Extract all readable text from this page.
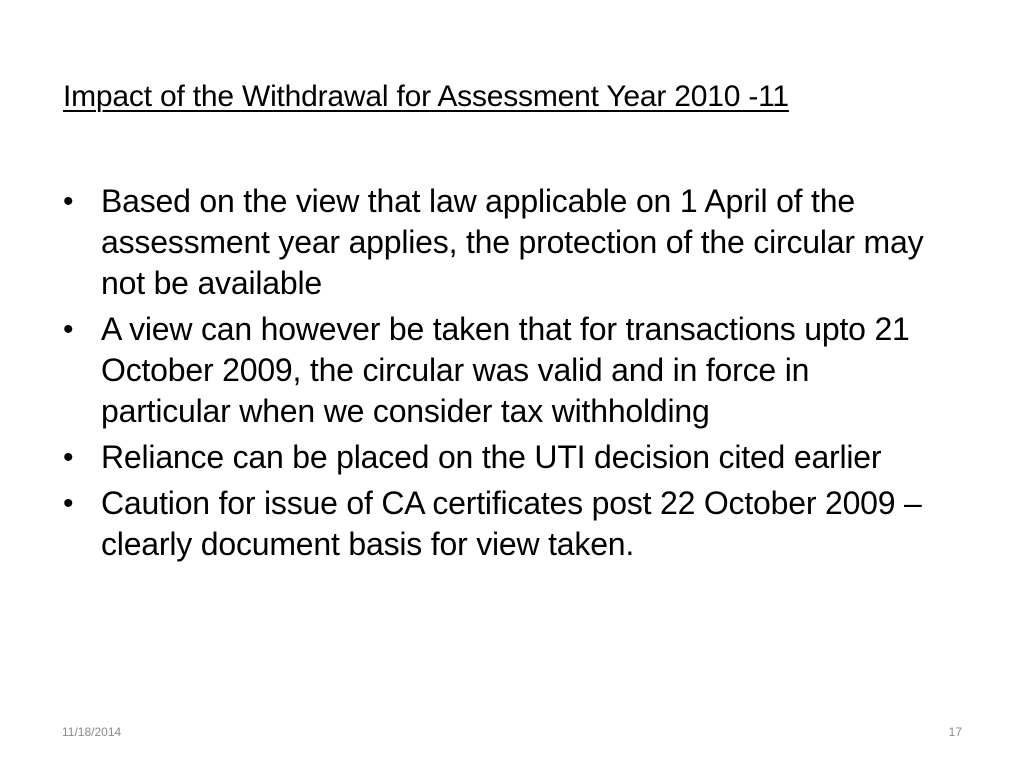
Impact of the Withdrawal for Assessment Year 2010 -11
• Based on the view that law applicable on 1 April of the assessment year applies, the protection of the circular may not be available
• A view can however be taken that for transactions upto 21 October 2009, the circular was valid and in force in particular when we consider tax withholding
• Reliance can be placed on the UTI decision cited earlier
• Caution for issue of CA certificates post 22 October 2009 – clearly document basis for view taken.
11/18/2014	17
